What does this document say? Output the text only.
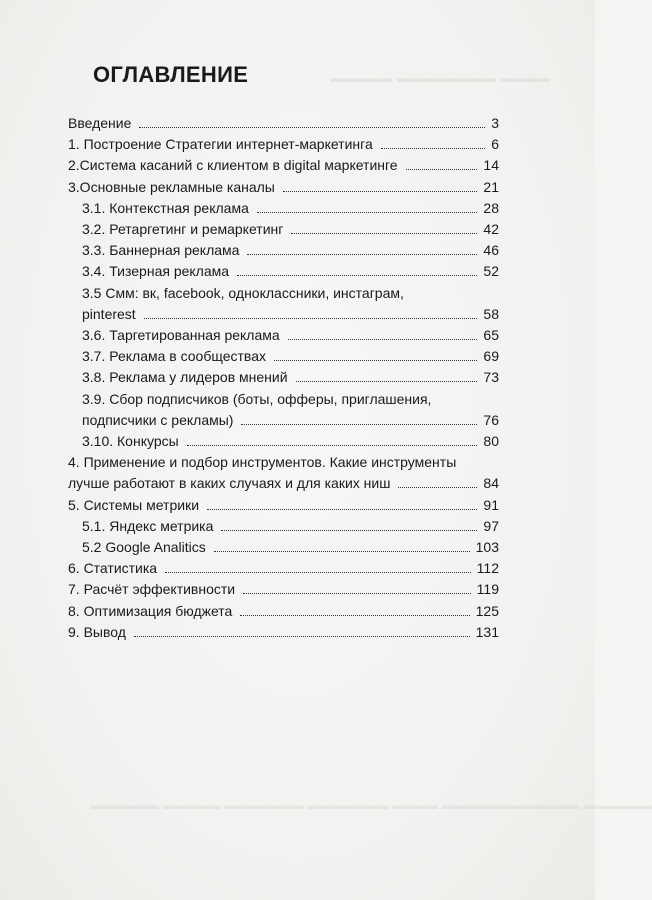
▬▬▬▬ ▬▬▬▬▬▬▬▬ ▬▬▬▬▬
▬▬▬▬▬▬ ▬▬▬▬▬▬▬▬▬▬▬▬ ▬▬▬▬ ▬▬▬▬▬▬▬ ▬▬▬▬▬▬▬ ▬▬▬▬▬ ▬▬▬▬▬▬
ОГЛАВЛЕНИЕ
Введение	3
1. Построение Стратегии интернет-маркетинга	6
2.Система касаний с клиентом в digital маркетинге	14
3.Основные рекламные каналы	21
3.1. Контекстная реклама	28
3.2. Ретаргетинг и ремаркетинг	42
3.3. Баннерная реклама	46
3.4. Тизерная реклама	52
3.5 Смм: вк, facebook, одноклассники, инстаграм,
pinterest	58
3.6. Таргетированная реклама	65
3.7. Реклама в сообществах	69
3.8. Реклама у лидеров мнений	73
3.9. Сбор подписчиков (боты, офферы, приглашения,
подписчики с рекламы)	76
3.10. Конкурсы	80
4. Применение и подбор инструментов. Какие инструменты
лучше работают в каких случаях и для каких ниш	84
5. Системы метрики	91
5.1. Яндекс метрика	97
5.2 Google Analitics	103
6. Статистика	112
7. Расчёт эффективности	119
8. Оптимизация бюджета	125
9. Вывод	131
